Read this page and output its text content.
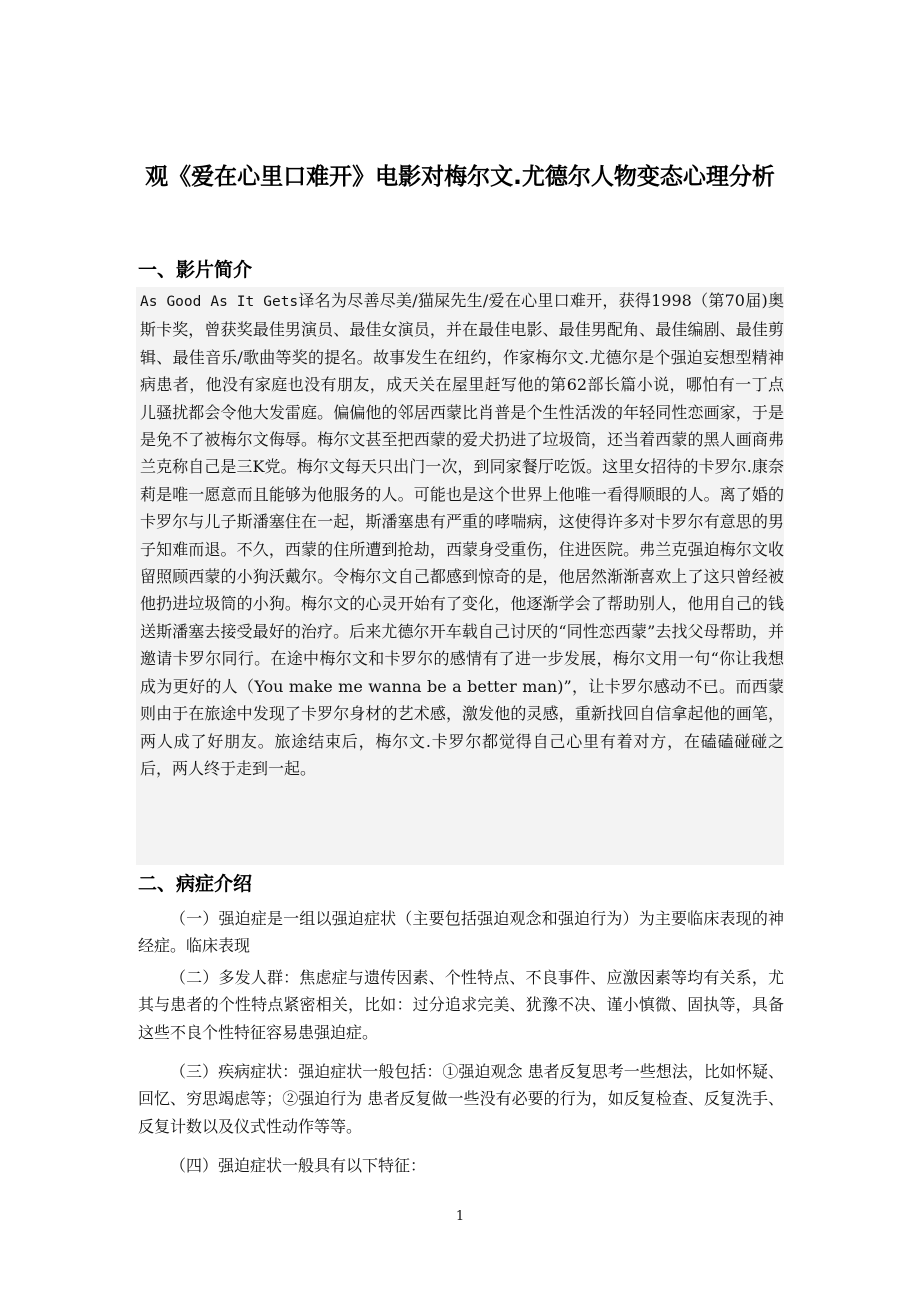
观《爱在心里口难开》电影对梅尔文.尤德尔人物变态心理分析
一、影片简介

As Good As It Gets译名为尽善尽美/猫屎先生/爱在心里口难开，获得1998（第70届)奥斯卡奖，曾获奖最佳男演员、最佳女演员，并在最佳电影、最佳男配角、最佳编剧、最佳剪辑、最佳音乐/歌曲等奖的提名。故事发生在纽约，作家梅尔文.尤德尔是个强迫妄想型精神病患者，他没有家庭也没有朋友，成天关在屋里赶写他的第62部长篇小说，哪怕有一丁点儿骚扰都会令他大发雷庭。偏偏他的邻居西蒙比肖普是个生性活泼的年轻同性恋画家，于是是免不了被梅尔文侮辱。梅尔文甚至把西蒙的爱犬扔进了垃圾筒，还当着西蒙的黑人画商弗兰克称自己是三K党。梅尔文每天只出门一次，到同家餐厅吃饭。这里女招待的卡罗尔.康奈莉是唯一愿意而且能够为他服务的人。可能也是这个世界上他唯一看得顺眼的人。离了婚的卡罗尔与儿子斯潘塞住在一起，斯潘塞患有严重的哮喘病，这使得许多对卡罗尔有意思的男子知难而退。不久，西蒙的住所遭到抢劫，西蒙身受重伤，住进医院。弗兰克强迫梅尔文收留照顾西蒙的小狗沃戴尔。令梅尔文自己都感到惊奇的是，他居然渐渐喜欢上了这只曾经被他扔进垃圾筒的小狗。梅尔文的心灵开始有了变化，他逐渐学会了帮助别人，他用自己的钱送斯潘塞去接受最好的治疗。后来尤德尔开车载自己讨厌的“同性恋西蒙”去找父母帮助，并邀请卡罗尔同行。在途中梅尔文和卡罗尔的感情有了进一步发展，梅尔文用一句“你让我想成为更好的人（You make me wanna be a better man)”，让卡罗尔感动不已。而西蒙则由于在旅途中发现了卡罗尔身材的艺术感，激发他的灵感，重新找回自信拿起他的画笔，两人成了好朋友。旅途结束后，梅尔文.卡罗尔都觉得自己心里有着对方，在磕磕碰碰之后，两人终于走到一起。

二、病症介绍

（一）强迫症是一组以强迫症状（主要包括强迫观念和强迫行为）为主要临床表现的神经症。临床表现

（二）多发人群：焦虑症与遗传因素、个性特点、不良事件、应激因素等均有关系，尤其与患者的个性特点紧密相关，比如：过分追求完美、犹豫不决、谨小慎微、固执等，具备这些不良个性特征容易患强迫症。

（三）疾病症状：强迫症状一般包括：①强迫观念 患者反复思考一些想法，比如怀疑、回忆、穷思竭虑等；②强迫行为 患者反复做一些没有必要的行为，如反复检查、反复洗手、反复计数以及仪式性动作等等。

（四）强迫症状一般具有以下特征：

1
